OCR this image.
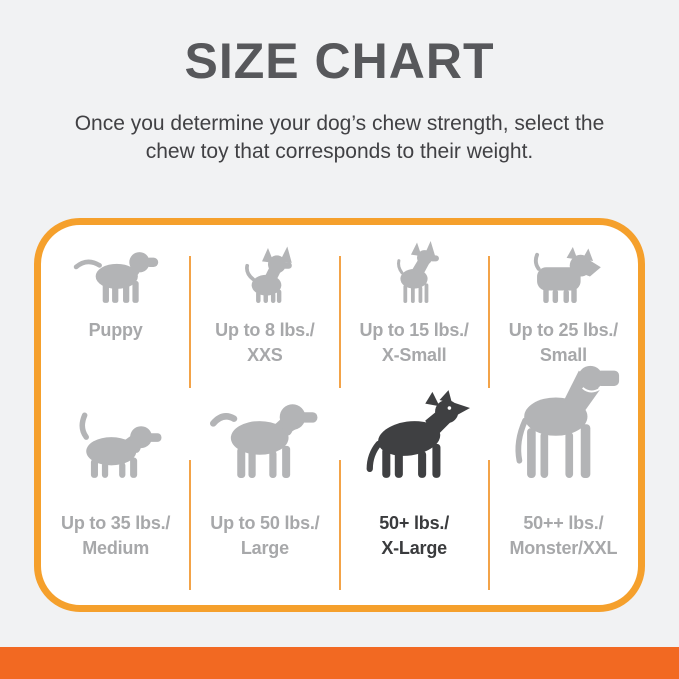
SIZE CHART
Once you determine your dog’s chew strength, select the
chew toy that corresponds to their weight.
Puppy	Up to 8 lbs./
XXS
Up to 15 lbs./
X-Small
Up to 25 lbs./
Small
Up to 35 lbs./
Medium
Up to 50 lbs./
Large
50+ lbs./
X-Large
50++ lbs./
Monster/XXL
